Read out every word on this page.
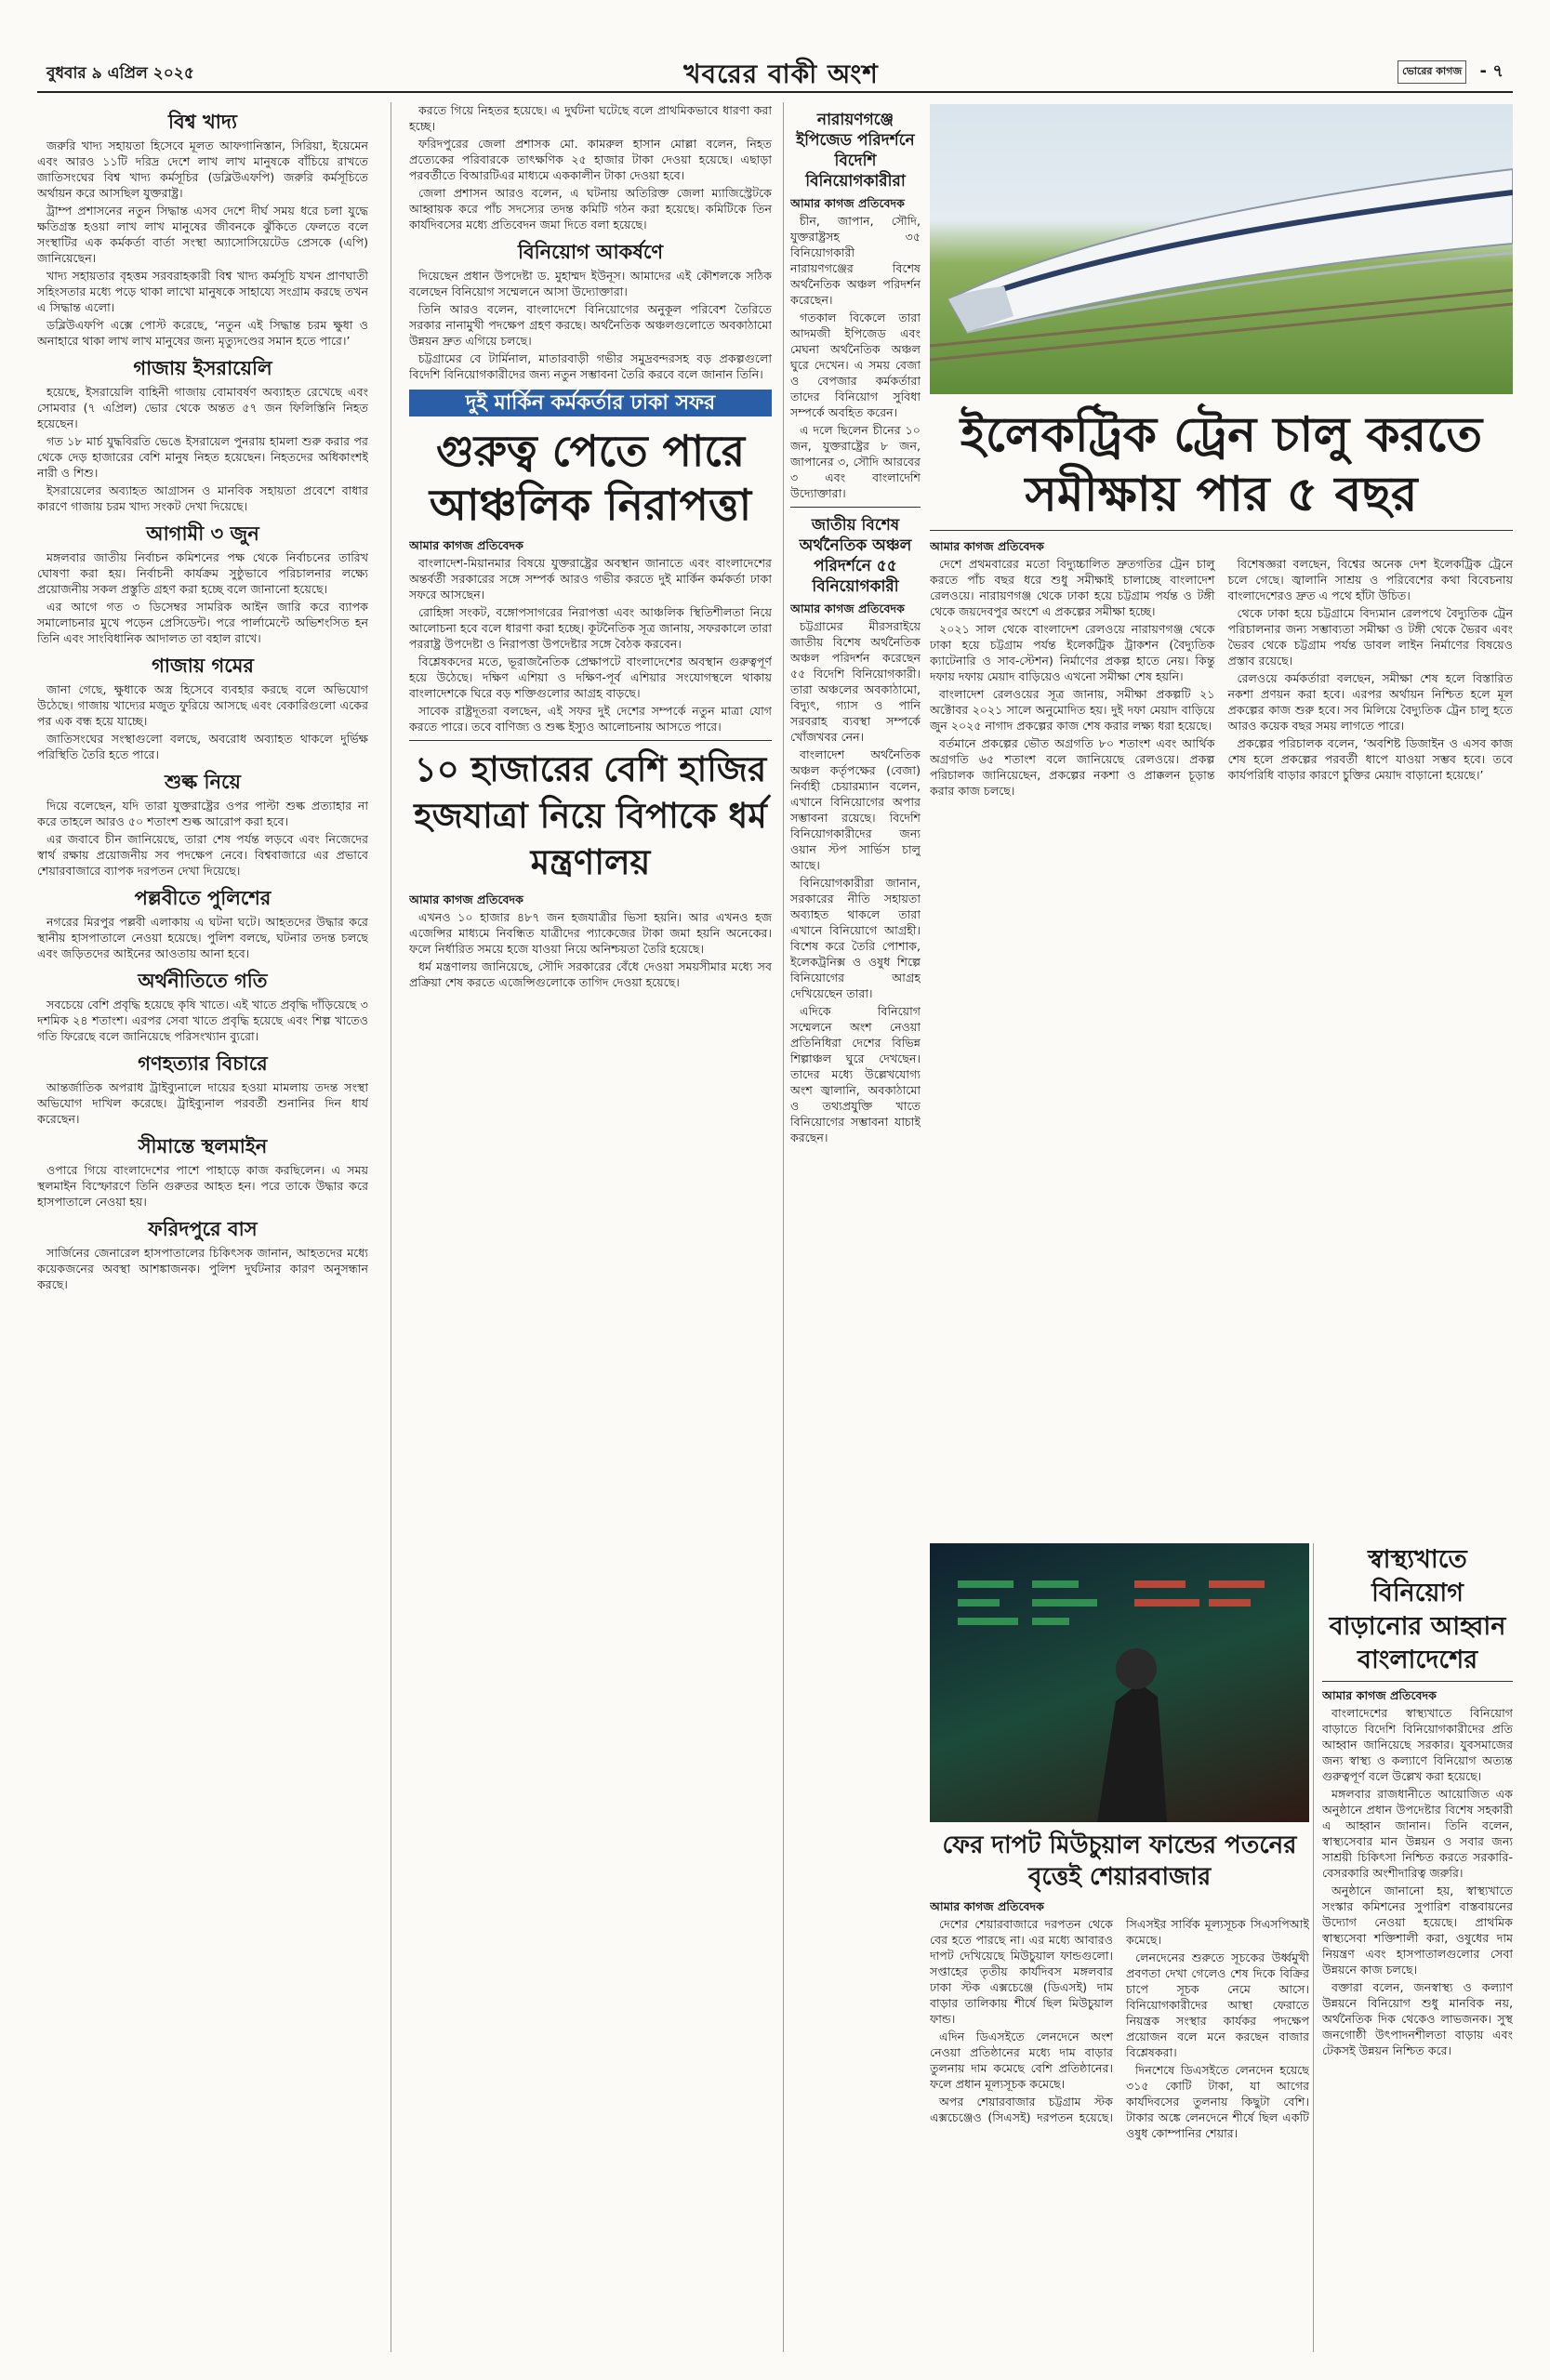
বুধবার ৯ এপ্রিল ২০২৫	খবরের বাকী অংশ	ভোরের কাগজ - ৭
বিশ্ব খাদ্য

জরুরি খাদ্য সহায়তা হিসেবে মূলত আফগানিস্তান, সিরিয়া, ইয়েমেন এবং আরও ১১টি দরিদ্র দেশে লাখ লাখ মানুষকে বাঁচিয়ে রাখতে জাতিসংঘের বিশ্ব খাদ্য কর্মসূচির (ডব্লিউএফপি) জরুরি কর্মসূচিতে অর্থায়ন করে আসছিল যুক্তরাষ্ট্র।

ট্রাম্প প্রশাসনের নতুন সিদ্ধান্ত এসব দেশে দীর্ঘ সময় ধরে চলা যুদ্ধে ক্ষতিগ্রস্ত হওয়া লাখ লাখ মানুষের জীবনকে ঝুঁকিতে ফেলতে বলে সংস্থাটির এক কর্মকর্তা বার্তা সংস্থা অ্যাসোসিয়েটেড প্রেসকে (এপি) জানিয়েছেন।

খাদ্য সহায়তার বৃহত্তম সরবরাহকারী বিশ্ব খাদ্য কর্মসূচি যখন প্রাণঘাতী সহিংসতার মধ্যে পড়ে থাকা লাখো মানুষকে সাহায্যে সংগ্রাম করছে তখন এ সিদ্ধান্ত এলো।

ডব্লিউএফপি এক্সে পোস্ট করেছে, ‘নতুন এই সিদ্ধান্ত চরম ক্ষুধা ও অনাহারে থাকা লাখ লাখ মানুষের জন্য মৃত্যুদণ্ডের সমান হতে পারে।’

গাজায় ইসরায়েলি

হয়েছে, ইসরায়েলি বাহিনী গাজায় বোমাবর্ষণ অব্যাহত রেখেছে এবং সোমবার (৭ এপ্রিল) ভোর থেকে অন্তত ৫৭ জন ফিলিস্তিনি নিহত হয়েছেন।

গত ১৮ মার্চ যুদ্ধবিরতি ভেঙে ইসরায়েল পুনরায় হামলা শুরু করার পর থেকে দেড় হাজারের বেশি মানুষ নিহত হয়েছেন। নিহতদের অধিকাংশই নারী ও শিশু।

ইসরায়েলের অব্যাহত আগ্রাসন ও মানবিক সহায়তা প্রবেশে বাধার কারণে গাজায় চরম খাদ্য সংকট দেখা দিয়েছে।

আগামী ৩ জুন

মঙ্গলবার জাতীয় নির্বাচন কমিশনের পক্ষ থেকে নির্বাচনের তারিখ ঘোষণা করা হয়। নির্বাচনী কার্যক্রম সুষ্ঠুভাবে পরিচালনার লক্ষ্যে প্রয়োজনীয় সকল প্রস্তুতি গ্রহণ করা হচ্ছে বলে জানানো হয়েছে।

এর আগে গত ৩ ডিসেম্বর সামরিক আইন জারি করে ব্যাপক সমালোচনার মুখে পড়েন প্রেসিডেন্ট। পরে পার্লামেন্টে অভিশংসিত হন তিনি এবং সাংবিধানিক আদালত তা বহাল রাখে।

গাজায় গমের

জানা গেছে, ক্ষুধাকে অস্ত্র হিসেবে ব্যবহার করছে বলে অভিযোগ উঠেছে। গাজায় খাদ্যের মজুত ফুরিয়ে আসছে এবং বেকারিগুলো একের পর এক বন্ধ হয়ে যাচ্ছে।

জাতিসংঘের সংস্থাগুলো বলছে, অবরোধ অব্যাহত থাকলে দুর্ভিক্ষ পরিস্থিতি তৈরি হতে পারে।

শুল্ক নিয়ে

দিয়ে বলেছেন, যদি তারা যুক্তরাষ্ট্রের ওপর পাল্টা শুল্ক প্রত্যাহার না করে তাহলে আরও ৫০ শতাংশ শুল্ক আরোপ করা হবে।

এর জবাবে চীন জানিয়েছে, তারা শেষ পর্যন্ত লড়বে এবং নিজেদের স্বার্থ রক্ষায় প্রয়োজনীয় সব পদক্ষেপ নেবে। বিশ্ববাজারে এর প্রভাবে শেয়ারবাজারে ব্যাপক দরপতন দেখা দিয়েছে।

পল্লবীতে পুলিশের

নগরের মিরপুর পল্লবী এলাকায় এ ঘটনা ঘটে। আহতদের উদ্ধার করে স্থানীয় হাসপাতালে নেওয়া হয়েছে। পুলিশ বলছে, ঘটনার তদন্ত চলছে এবং জড়িতদের আইনের আওতায় আনা হবে।

অর্থনীতিতে গতি

সবচেয়ে বেশি প্রবৃদ্ধি হয়েছে কৃষি খাতে। এই খাতে প্রবৃদ্ধি দাঁড়িয়েছে ৩ দশমিক ২৪ শতাংশ। এরপর সেবা খাতে প্রবৃদ্ধি হয়েছে এবং শিল্প খাতেও গতি ফিরেছে বলে জানিয়েছে পরিসংখ্যান ব্যুরো।

গণহত্যার বিচারে

আন্তর্জাতিক অপরাধ ট্রাইব্যুনালে দায়ের হওয়া মামলায় তদন্ত সংস্থা অভিযোগ দাখিল করেছে। ট্রাইব্যুনাল পরবর্তী শুনানির দিন ধার্য করেছেন।

সীমান্তে স্থলমাইন

ওপারে গিয়ে বাংলাদেশের পাশে পাহাড়ে কাজ করছিলেন। এ সময় স্থলমাইন বিস্ফোরণে তিনি গুরুতর আহত হন। পরে তাকে উদ্ধার করে হাসপাতালে নেওয়া হয়।

ফরিদপুরে বাস

সার্জিনের জেনারেল হাসপাতালের চিকিৎসক জানান, আহতদের মধ্যে কয়েকজনের অবস্থা আশঙ্কাজনক। পুলিশ দুর্ঘটনার কারণ অনুসন্ধান করছে।

করতে গিয়ে নিহতর হয়েছে। এ দুর্ঘটনা ঘটেছে বলে প্রাথমিকভাবে ধারণা করা হচ্ছে।

ফরিদপুরের জেলা প্রশাসক মো. কামরুল হাসান মোল্লা বলেন, নিহত প্রত্যেকের পরিবারকে তাৎক্ষণিক ২৫ হাজার টাকা দেওয়া হয়েছে। এছাড়া পরবর্তীতে বিআরটিএর মাধ্যমে এককালীন টাকা দেওয়া হবে।

জেলা প্রশাসন আরও বলেন, এ ঘটনায় অতিরিক্ত জেলা ম্যাজিস্ট্রেটকে আহ্বায়ক করে পাঁচ সদস্যের তদন্ত কমিটি গঠন করা হয়েছে। কমিটিকে তিন কার্যদিবসের মধ্যে প্রতিবেদন জমা দিতে বলা হয়েছে।

বিনিয়োগ আকর্ষণে

দিয়েছেন প্রধান উপদেষ্টা ড. মুহাম্মদ ইউনূস। আমাদের এই কৌশলকে সঠিক বলেছেন বিনিয়োগ সম্মেলনে আসা উদ্যোক্তারা।

তিনি আরও বলেন, বাংলাদেশে বিনিয়োগের অনুকূল পরিবেশ তৈরিতে সরকার নানামুখী পদক্ষেপ গ্রহণ করছে। অর্থনৈতিক অঞ্চলগুলোতে অবকাঠামো উন্নয়ন দ্রুত এগিয়ে চলছে।

চট্টগ্রামের বে টার্মিনাল, মাতারবাড়ী গভীর সমুদ্রবন্দরসহ বড় প্রকল্পগুলো বিদেশি বিনিয়োগকারীদের জন্য নতুন সম্ভাবনা তৈরি করবে বলে জানান তিনি।

দুই মার্কিন কর্মকর্তার ঢাকা সফর
গুরুত্ব পেতে পারে আঞ্চলিক নিরাপত্তা

আমার কাগজ প্রতিবেদক

বাংলাদেশ-মিয়ানমার বিষয়ে যুক্তরাষ্ট্রের অবস্থান জানাতে এবং বাংলাদেশের অন্তর্বর্তী সরকারের সঙ্গে সম্পর্ক আরও গভীর করতে দুই মার্কিন কর্মকর্তা ঢাকা সফরে আসছেন।

রোহিঙ্গা সংকট, বঙ্গোপসাগরের নিরাপত্তা এবং আঞ্চলিক স্থিতিশীলতা নিয়ে আলোচনা হবে বলে ধারণা করা হচ্ছে। কূটনৈতিক সূত্র জানায়, সফরকালে তারা পররাষ্ট্র উপদেষ্টা ও নিরাপত্তা উপদেষ্টার সঙ্গে বৈঠক করবেন।

বিশ্লেষকদের মতে, ভূরাজনৈতিক প্রেক্ষাপটে বাংলাদেশের অবস্থান গুরুত্বপূর্ণ হয়ে উঠেছে। দক্ষিণ এশিয়া ও দক্ষিণ-পূর্ব এশিয়ার সংযোগস্থলে থাকায় বাংলাদেশকে ঘিরে বড় শক্তিগুলোর আগ্রহ বাড়ছে।

সাবেক রাষ্ট্রদূতরা বলছেন, এই সফর দুই দেশের সম্পর্কে নতুন মাত্রা যোগ করতে পারে। তবে বাণিজ্য ও শুল্ক ইস্যুও আলোচনায় আসতে পারে।

১০ হাজারের বেশি হাজির হজযাত্রা নিয়ে বিপাকে ধর্ম মন্ত্রণালয়

আমার কাগজ প্রতিবেদক

এখনও ১০ হাজার ৪৮৭ জন হজযাত্রীর ভিসা হয়নি। আর এখনও হজ এজেন্সির মাধ্যমে নিবন্ধিত যাত্রীদের প্যাকেজের টাকা জমা হয়নি অনেকের। ফলে নির্ধারিত সময়ে হজে যাওয়া নিয়ে অনিশ্চয়তা তৈরি হয়েছে।

ধর্ম মন্ত্রণালয় জানিয়েছে, সৌদি সরকারের বেঁধে দেওয়া সময়সীমার মধ্যে সব প্রক্রিয়া শেষ করতে এজেন্সিগুলোকে তাগিদ দেওয়া হয়েছে।

নারায়ণগঞ্জে ইপিজেড পরিদর্শনে বিদেশি বিনিয়োগকারীরা

আমার কাগজ প্রতিবেদক

চীন, জাপান, সৌদি, যুক্তরাষ্ট্রসহ ৩৫ বিনিয়োগকারী নারায়ণগঞ্জের বিশেষ অর্থনৈতিক অঞ্চল পরিদর্শন করেছেন।

গতকাল বিকেলে তারা আদমজী ইপিজেড এবং মেঘনা অর্থনৈতিক অঞ্চল ঘুরে দেখেন। এ সময় বেজা ও বেপজার কর্মকর্তারা তাদের বিনিয়োগ সুবিধা সম্পর্কে অবহিত করেন।

এ দলে ছিলেন চীনের ১০ জন, যুক্তরাষ্ট্রের ৮ জন, জাপানের ৩, সৌদি আরবের ৩ এবং বাংলাদেশি উদ্যোক্তারা।

জাতীয় বিশেষ অর্থনৈতিক অঞ্চল পরিদর্শনে ৫৫ বিনিয়োগকারী

আমার কাগজ প্রতিবেদক

চট্টগ্রামের মীরসরাইয়ে জাতীয় বিশেষ অর্থনৈতিক অঞ্চল পরিদর্শন করেছেন ৫৫ বিদেশি বিনিয়োগকারী। তারা অঞ্চলের অবকাঠামো, বিদ্যুৎ, গ্যাস ও পানি সরবরাহ ব্যবস্থা সম্পর্কে খোঁজখবর নেন।

বাংলাদেশ অর্থনৈতিক অঞ্চল কর্তৃপক্ষের (বেজা) নির্বাহী চেয়ারম্যান বলেন, এখানে বিনিয়োগের অপার সম্ভাবনা রয়েছে। বিদেশি বিনিয়োগকারীদের জন্য ওয়ান স্টপ সার্ভিস চালু আছে।

বিনিয়োগকারীরা জানান, সরকারের নীতি সহায়তা অব্যাহত থাকলে তারা এখানে বিনিয়োগে আগ্রহী। বিশেষ করে তৈরি পোশাক, ইলেকট্রনিক্স ও ওষুধ শিল্পে বিনিয়োগের আগ্রহ দেখিয়েছেন তারা।

এদিকে বিনিয়োগ সম্মেলনে অংশ নেওয়া প্রতিনিধিরা দেশের বিভিন্ন শিল্পাঞ্চল ঘুরে দেখছেন। তাদের মধ্যে উল্লেখযোগ্য অংশ জ্বালানি, অবকাঠামো ও তথ্যপ্রযুক্তি খাতে বিনিয়োগের সম্ভাবনা যাচাই করছেন।

ইলেকট্রিক ট্রেন চালু করতে সমীক্ষায় পার ৫ বছর

আমার কাগজ প্রতিবেদক

দেশে প্রথমবারের মতো বিদ্যুচ্চালিত দ্রুতগতির ট্রেন চালু করতে পাঁচ বছর ধরে শুধু সমীক্ষাই চালাচ্ছে বাংলাদেশ রেলওয়ে। নারায়ণগঞ্জ থেকে ঢাকা হয়ে চট্টগ্রাম পর্যন্ত ও টঙ্গী থেকে জয়দেবপুর অংশে এ প্রকল্পের সমীক্ষা হচ্ছে।

২০২১ সাল থেকে বাংলাদেশ রেলওয়ে নারায়ণগঞ্জ থেকে ঢাকা হয়ে চট্টগ্রাম পর্যন্ত ইলেকট্রিক ট্রাকশন (বৈদ্যুতিক ক্যাটেনারি ও সাব-স্টেশন) নির্মাণের প্রকল্প হাতে নেয়। কিন্তু দফায় দফায় মেয়াদ বাড়িয়েও এখনো সমীক্ষা শেষ হয়নি।

বাংলাদেশ রেলওয়ের সূত্র জানায়, সমীক্ষা প্রকল্পটি ২১ অক্টোবর ২০২১ সালে অনুমোদিত হয়। দুই দফা মেয়াদ বাড়িয়ে জুন ২০২৫ নাগাদ প্রকল্পের কাজ শেষ করার লক্ষ্য ধরা হয়েছে।

বর্তমানে প্রকল্পের ভৌত অগ্রগতি ৮০ শতাংশ এবং আর্থিক অগ্রগতি ৬৫ শতাংশ বলে জানিয়েছে রেলওয়ে। প্রকল্প পরিচালক জানিয়েছেন, প্রকল্পের নকশা ও প্রাক্কলন চূড়ান্ত করার কাজ চলছে।

বিশেষজ্ঞরা বলছেন, বিশ্বের অনেক দেশ ইলেকট্রিক ট্রেনে চলে গেছে। জ্বালানি সাশ্রয় ও পরিবেশের কথা বিবেচনায় বাংলাদেশেরও দ্রুত এ পথে হাঁটা উচিত।

থেকে ঢাকা হয়ে চট্টগ্রামে বিদ্যমান রেলপথে বৈদ্যুতিক ট্রেন পরিচালনার জন্য সম্ভাব্যতা সমীক্ষা ও টঙ্গী থেকে ভৈরব এবং ভৈরব থেকে চট্টগ্রাম পর্যন্ত ডাবল লাইন নির্মাণের বিষয়েও প্রস্তাব রয়েছে।

রেলওয়ে কর্মকর্তারা বলছেন, সমীক্ষা শেষ হলে বিস্তারিত নকশা প্রণয়ন করা হবে। এরপর অর্থায়ন নিশ্চিত হলে মূল প্রকল্পের কাজ শুরু হবে। সব মিলিয়ে বৈদ্যুতিক ট্রেন চালু হতে আরও কয়েক বছর সময় লাগতে পারে।

প্রকল্পের পরিচালক বলেন, ‘অবশিষ্ট ডিজাইন ও এসব কাজ শেষ হলে প্রকল্পের পরবর্তী ধাপে যাওয়া সম্ভব হবে। তবে কার্যপরিধি বাড়ার কারণে চুক্তির মেয়াদ বাড়ানো হয়েছে।’

ফের দাপট মিউচুয়াল ফান্ডের পতনের বৃত্তেই শেয়ারবাজার

আমার কাগজ প্রতিবেদক

দেশের শেয়ারবাজারে দরপতন থেকে বের হতে পারছে না। এর মধ্যে আবারও দাপট দেখিয়েছে মিউচুয়াল ফান্ডগুলো। সপ্তাহের তৃতীয় কার্যদিবস মঙ্গলবার ঢাকা স্টক এক্সচেঞ্জে (ডিএসই) দাম বাড়ার তালিকায় শীর্ষে ছিল মিউচুয়াল ফান্ড।

এদিন ডিএসইতে লেনদেনে অংশ নেওয়া প্রতিষ্ঠানের মধ্যে দাম বাড়ার তুলনায় দাম কমেছে বেশি প্রতিষ্ঠানের। ফলে প্রধান মূল্যসূচক কমেছে।

অপর শেয়ারবাজার চট্টগ্রাম স্টক এক্সচেঞ্জেও (সিএসই) দরপতন হয়েছে। সিএসইর সার্বিক মূল্যসূচক সিএসপিআই কমেছে।

লেনদেনের শুরুতে সূচকের উর্ধ্বমুখী প্রবণতা দেখা গেলেও শেষ দিকে বিক্রির চাপে সূচক নেমে আসে। বিনিয়োগকারীদের আস্থা ফেরাতে নিয়ন্ত্রক সংস্থার কার্যকর পদক্ষেপ প্রয়োজন বলে মনে করছেন বাজার বিশ্লেষকরা।

দিনশেষে ডিএসইতে লেনদেন হয়েছে ৩১৫ কোটি টাকা, যা আগের কার্যদিবসের তুলনায় কিছুটা বেশি। টাকার অঙ্কে লেনদেনে শীর্ষে ছিল একটি ওষুধ কোম্পানির শেয়ার।

স্বাস্থ্যখাতে বিনিয়োগ বাড়ানোর আহ্বান বাংলাদেশের

আমার কাগজ প্রতিবেদক

বাংলাদেশের স্বাস্থ্যখাতে বিনিয়োগ বাড়াতে বিদেশি বিনিয়োগকারীদের প্রতি আহ্বান জানিয়েছে সরকার। যুবসমাজের জন্য স্বাস্থ্য ও কল্যাণে বিনিয়োগ অত্যন্ত গুরুত্বপূর্ণ বলে উল্লেখ করা হয়েছে।

মঙ্গলবার রাজধানীতে আয়োজিত এক অনুষ্ঠানে প্রধান উপদেষ্টার বিশেষ সহকারী এ আহ্বান জানান। তিনি বলেন, স্বাস্থ্যসেবার মান উন্নয়ন ও সবার জন্য সাশ্রয়ী চিকিৎসা নিশ্চিত করতে সরকারি-বেসরকারি অংশীদারিত্ব জরুরি।

অনুষ্ঠানে জানানো হয়, স্বাস্থ্যখাতে সংস্কার কমিশনের সুপারিশ বাস্তবায়নের উদ্যোগ নেওয়া হয়েছে। প্রাথমিক স্বাস্থ্যসেবা শক্তিশালী করা, ওষুধের দাম নিয়ন্ত্রণ এবং হাসপাতালগুলোর সেবা উন্নয়নে কাজ চলছে।

বক্তারা বলেন, জনস্বাস্থ্য ও কল্যাণ উন্নয়নে বিনিয়োগ শুধু মানবিক নয়, অর্থনৈতিক দিক থেকেও লাভজনক। সুস্থ জনগোষ্ঠী উৎপাদনশীলতা বাড়ায় এবং টেকসই উন্নয়ন নিশ্চিত করে।
